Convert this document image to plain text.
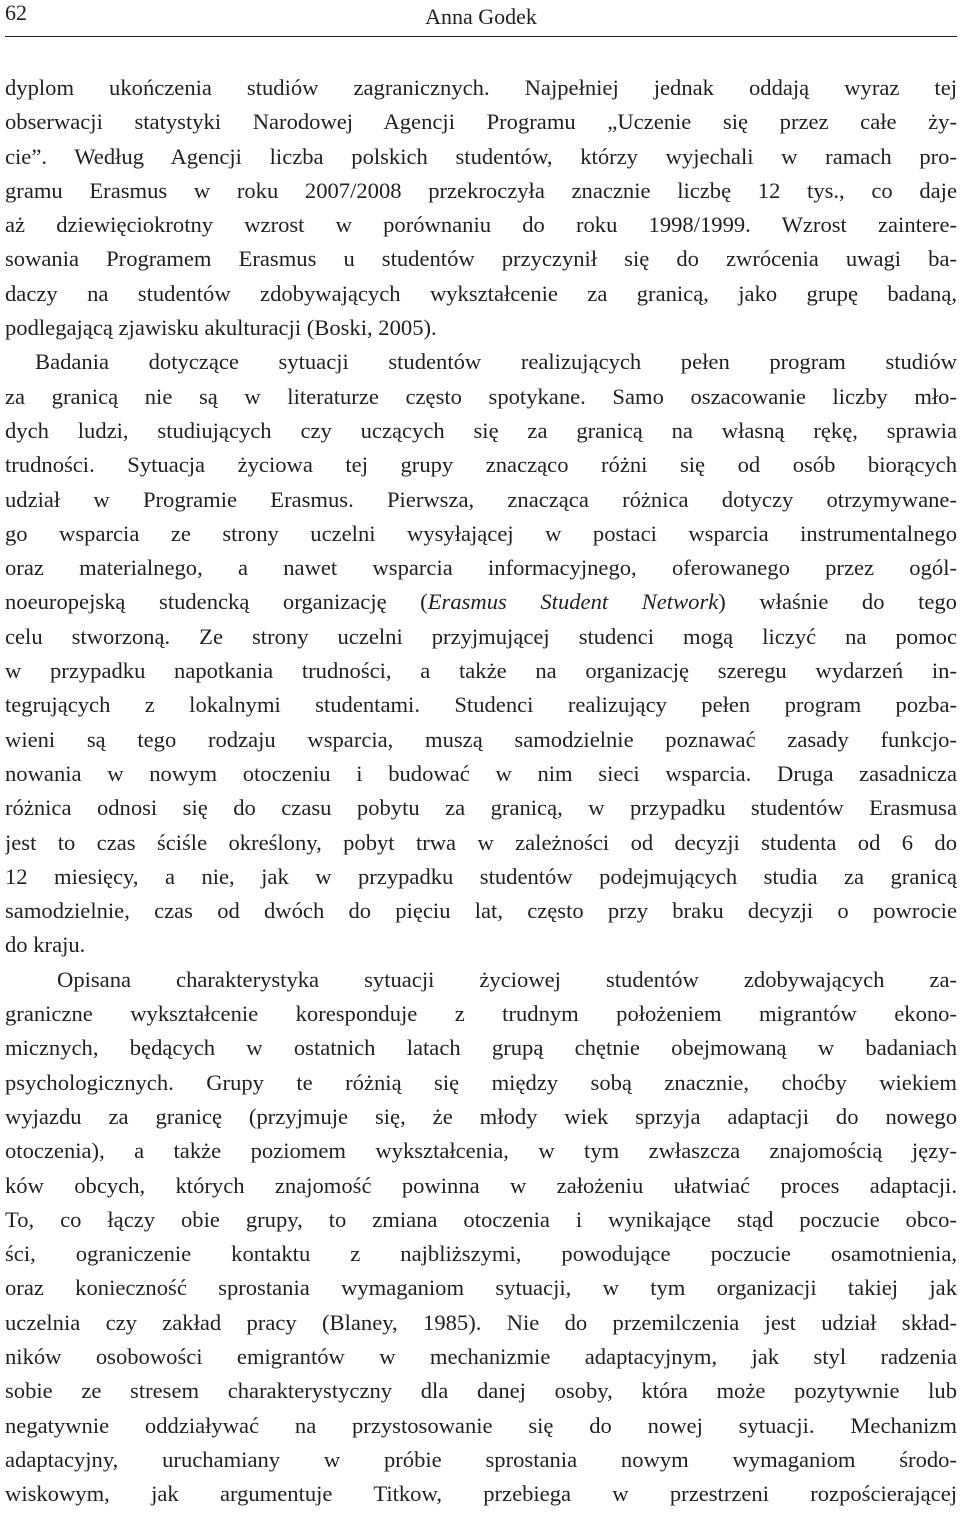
62	Anna Godek
dyplom ukończenia studiów zagranicznych. Najpełniej jednak oddają wyraz tej
obserwacji statystyki Narodowej Agencji Programu „Uczenie się przez całe ży-
cie”. Według Agencji liczba polskich studentów, którzy wyjechali w ramach pro-
gramu Erasmus w roku 2007/2008 przekroczyła znacznie liczbę 12 tys., co daje
aż dziewięciokrotny wzrost w porównaniu do roku 1998/1999. Wzrost zaintere-
sowania Programem Erasmus u studentów przyczynił się do zwrócenia uwagi ba-
daczy na studentów zdobywających wykształcenie za granicą, jako grupę badaną,
podlegającą zjawisku akulturacji (Boski, 2005).
Badania dotyczące sytuacji studentów realizujących pełen program studiów
za granicą nie są w literaturze często spotykane. Samo oszacowanie liczby mło-
dych ludzi, studiujących czy uczących się za granicą na własną rękę, sprawia
trudności. Sytuacja życiowa tej grupy znacząco różni się od osób biorących
udział w Programie Erasmus. Pierwsza, znacząca różnica dotyczy otrzymywane-
go wsparcia ze strony uczelni wysyłającej w postaci wsparcia instrumentalnego
oraz materialnego, a nawet wsparcia informacyjnego, oferowanego przez ogól-
noeuropejską studencką organizację (Erasmus Student Network) właśnie do tego
celu stworzoną. Ze strony uczelni przyjmującej studenci mogą liczyć na pomoc
w przypadku napotkania trudności, a także na organizację szeregu wydarzeń in-
tegrujących z lokalnymi studentami. Studenci realizujący pełen program pozba-
wieni są tego rodzaju wsparcia, muszą samodzielnie poznawać zasady funkcjo-
nowania w nowym otoczeniu i budować w nim sieci wsparcia. Druga zasadnicza
różnica odnosi się do czasu pobytu za granicą, w przypadku studentów Erasmusa
jest to czas ściśle określony, pobyt trwa w zależności od decyzji studenta od 6 do
12 miesięcy, a nie, jak w przypadku studentów podejmujących studia za granicą
samodzielnie, czas od dwóch do pięciu lat, często przy braku decyzji o powrocie
do kraju.
Opisana charakterystyka sytuacji życiowej studentów zdobywających za-
graniczne wykształcenie koresponduje z trudnym położeniem migrantów ekono-
micznych, będących w ostatnich latach grupą chętnie obejmowaną w badaniach
psychologicznych. Grupy te różnią się między sobą znacznie, choćby wiekiem
wyjazdu za granicę (przyjmuje się, że młody wiek sprzyja adaptacji do nowego
otoczenia), a także poziomem wykształcenia, w tym zwłaszcza znajomością języ-
ków obcych, których znajomość powinna w założeniu ułatwiać proces adaptacji.
To, co łączy obie grupy, to zmiana otoczenia i wynikające stąd poczucie obco-
ści, ograniczenie kontaktu z najbliższymi, powodujące poczucie osamotnienia,
oraz konieczność sprostania wymaganiom sytuacji, w tym organizacji takiej jak
uczelnia czy zakład pracy (Blaney, 1985). Nie do przemilczenia jest udział skład-
ników osobowości emigrantów w mechanizmie adaptacyjnym, jak styl radzenia
sobie ze stresem charakterystyczny dla danej osoby, która może pozytywnie lub
negatywnie oddziaływać na przystosowanie się do nowej sytuacji. Mechanizm
adaptacyjny, uruchamiany w próbie sprostania nowym wymaganiom środo-
wiskowym, jak argumentuje Titkow, przebiega w przestrzeni rozpościerającej
